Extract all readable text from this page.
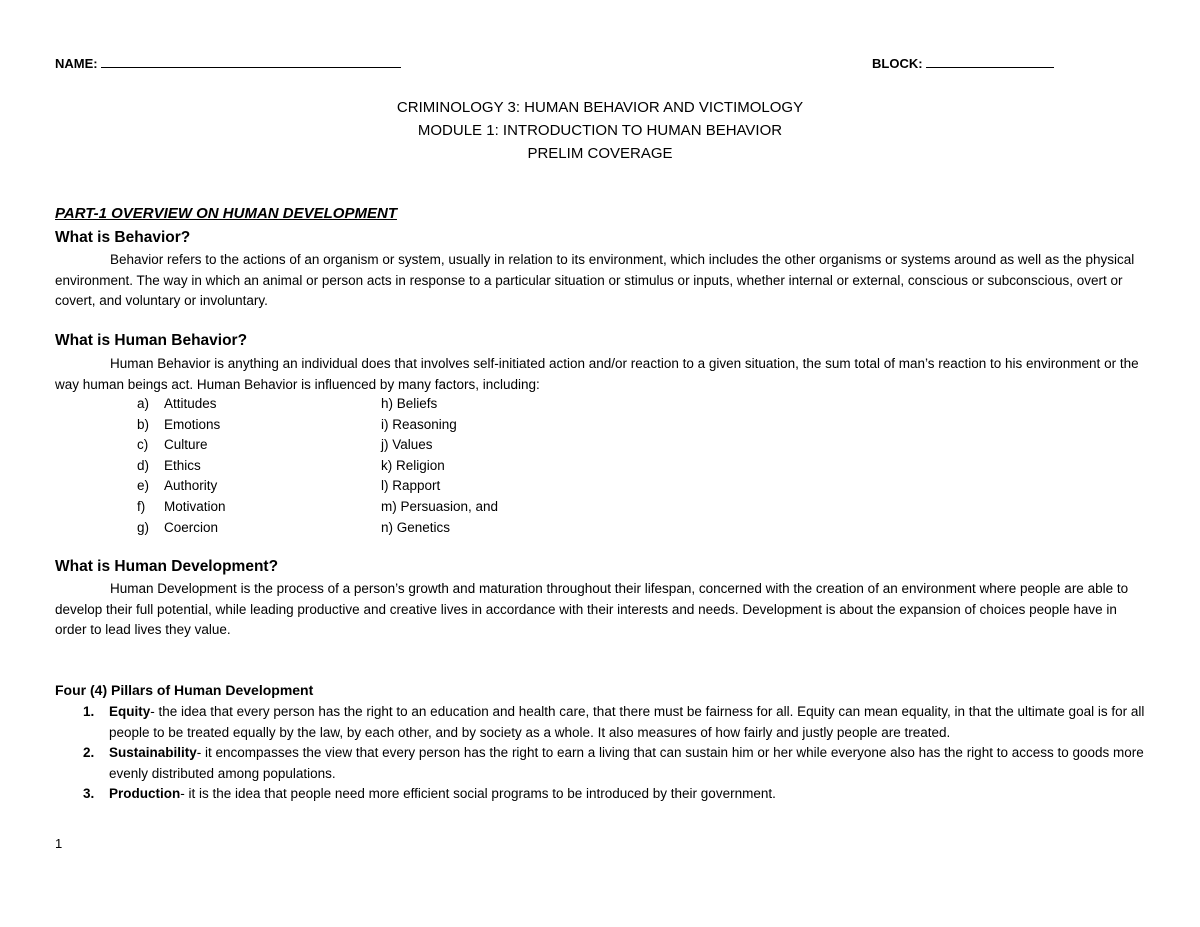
NAME:	BLOCK:
CRIMINOLOGY 3: HUMAN BEHAVIOR AND VICTIMOLOGY
MODULE 1: INTRODUCTION TO HUMAN BEHAVIOR
PRELIM COVERAGE
PART-1 OVERVIEW ON HUMAN DEVELOPMENT
What is Behavior?
Behavior refers to the actions of an organism or system, usually in relation to its environment, which includes the other organisms or systems around as well as the physical environment. The way in which an animal or person acts in response to a particular situation or stimulus or inputs, whether internal or external, conscious or subconscious, overt or covert, and voluntary or involuntary.
What is Human Behavior?
Human Behavior is anything an individual does that involves self-initiated action and/or reaction to a given situation, the sum total of man’s reaction to his environment or the way human beings act. Human Behavior is influenced by many factors, including:
a)	Attitudes	h) Beliefs
b)	Emotions	i) Reasoning
c)	Culture	j) Values
d)	Ethics	k) Religion
e)	Authority	l) Rapport
f)	Motivation	m) Persuasion, and
g)	Coercion	n) Genetics
What is Human Development?
Human Development is the process of a person’s growth and maturation throughout their lifespan, concerned with the creation of an environment where people are able to develop their full potential, while leading productive and creative lives in accordance with their interests and needs. Development is about the expansion of choices people have in order to lead lives they value.
Four (4) Pillars of Human Development
1.	Equity- the idea that every person has the right to an education and health care, that there must be fairness for all. Equity can mean equality, in that the ultimate goal is for all people to be treated equally by the law, by each other, and by society as a whole. It also measures of how fairly and justly people are treated.
2.	Sustainability- it encompasses the view that every person has the right to earn a living that can sustain him or her while everyone also has the right to access to goods more evenly distributed among populations.
3.	Production- it is the idea that people need more efficient social programs to be introduced by their government.
1
